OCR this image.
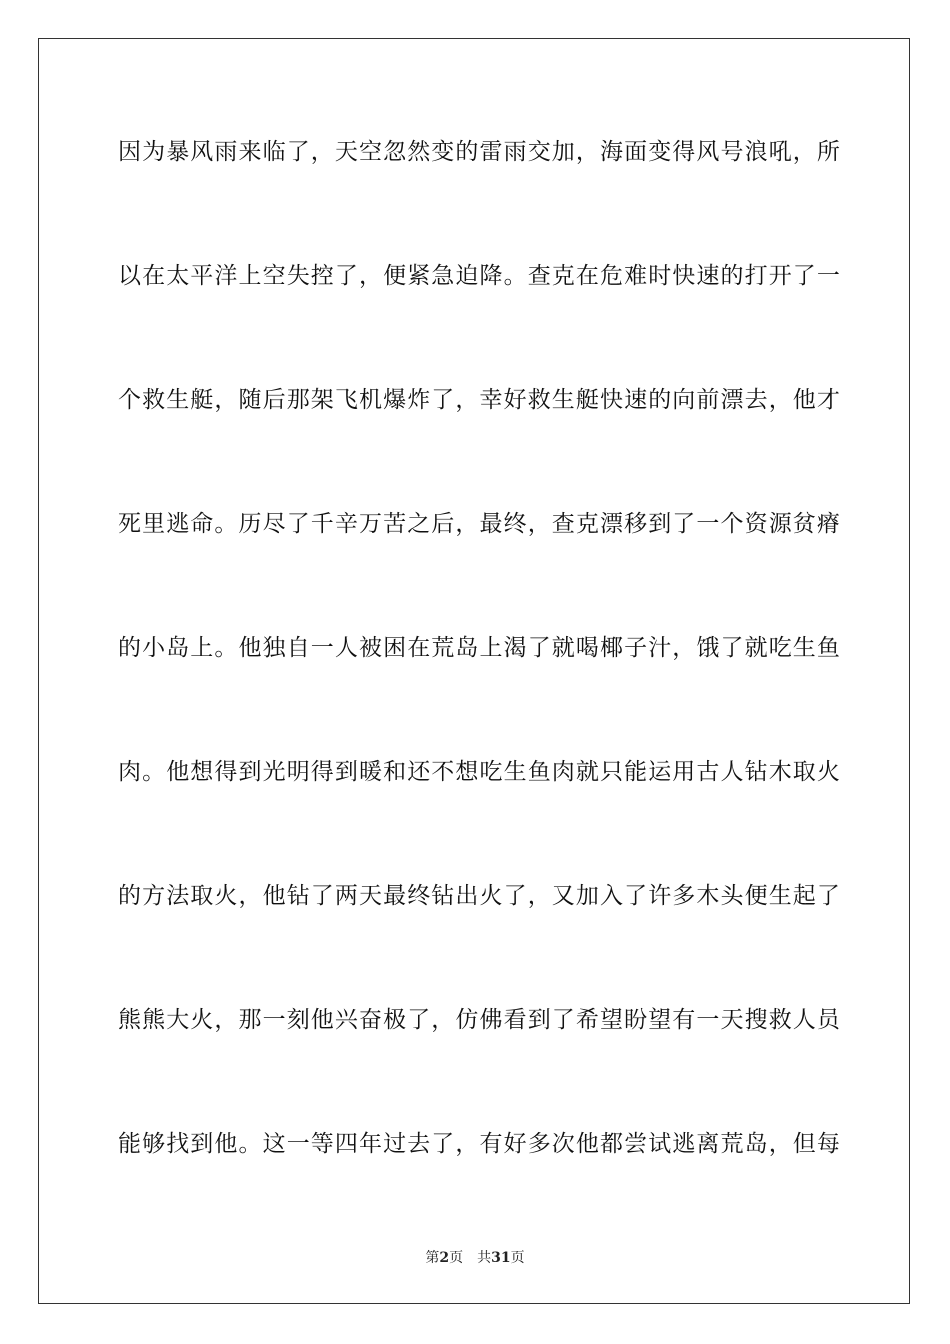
因为暴风雨来临了，天空忽然变的雷雨交加，海面变得风号浪吼，所
以在太平洋上空失控了，便紧急迫降。查克在危难时快速的打开了一
个救生艇，随后那架飞机爆炸了，幸好救生艇快速的向前漂去，他才
死里逃命。历尽了千辛万苦之后，最终，查克漂移到了一个资源贫瘠
的小岛上。他独自一人被困在荒岛上渴了就喝椰子汁，饿了就吃生鱼
肉。他想得到光明得到暖和还不想吃生鱼肉就只能运用古人钻木取火
的方法取火，他钻了两天最终钻出火了，又加入了许多木头便生起了
熊熊大火，那一刻他兴奋极了，仿佛看到了希望盼望有一天搜救人员
能够找到他。这一等四年过去了，有好多次他都尝试逃离荒岛，但每
第2页 共31页
